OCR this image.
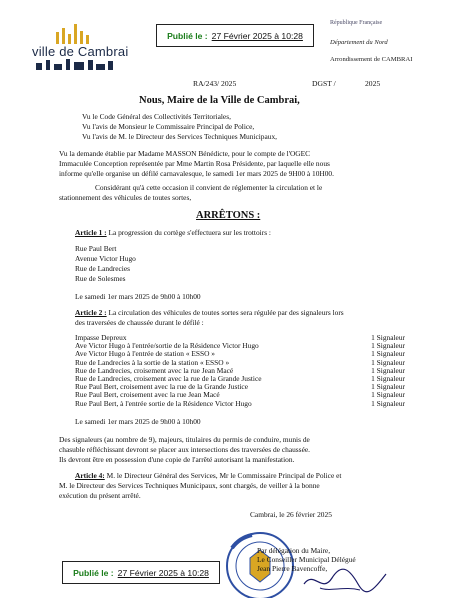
Publié le : 27 Février 2025 à 10:28
ville de Cambrai
République Française
Département du Nord
Arrondissement de CAMBRAI
RA/243/ 2025	DGST /	2025
Nous, Maire de la Ville de Cambrai,
Vu le Code Général des Collectivités Territoriales,
Vu l'avis de Monsieur le Commissaire Principal de Police,
Vu l'avis de M. le Directeur des Services Techniques Municipaux,
Vu la demande établie par Madame MASSON Bénédicte, pour le compte de l'OGEC
Immaculée Conception représentée par Mme Martin Rosa Présidente, par laquelle elle nous
informe qu'elle organise un défilé carnavalesque, le samedi 1er mars 2025 de 9H00 à 10H00.
Considérant qu'à cette occasion il convient de réglementer la circulation et le
stationnement des véhicules de toutes sortes,
ARRÊTONS :
Article 1 : La progression du cortège s'effectuera sur les trottoirs :
Rue Paul Bert
Avenue Victor Hugo
Rue de Landrecies
Rue de Solesmes
Le samedi 1er mars 2025 de 9h00 à 10h00
Article 2 : La circulation des véhicules de toutes sortes sera régulée par des signaleurs lors
des traversées de chaussée durant le défilé :
Impasse Depreux	1 Signaleur
Ave Victor Hugo à l'entrée/sortie de la Résidence Victor Hugo	1 Signaleur
Ave Victor Hugo à l'entrée de station « ESSO »	1 Signaleur
Rue de Landrecies à la sortie de la station « ESSO »	1 Signaleur
Rue de Landrecies, croisement avec la rue Jean Macé	1 Signaleur
Rue de Landrecies, croisement avec la rue de la Grande Justice	1 Signaleur
Rue Paul Bert, croisement avec la rue de la Grande Justice	1 Signaleur
Rue Paul Bert, croisement avec la rue Jean Macé	1 Signaleur
Rue Paul Bert, à l'entrée sortie de la Résidence Victor Hugo	1 Signaleur
Le samedi 1er mars 2025 de 9h00 à 10h00
Des signaleurs (au nombre de 9), majeurs, titulaires du permis de conduire, munis de
chasuble réfléchissant devront se placer aux intersections des traversées de chaussée.
Ils devront être en possession d'une copie de l'arrêté autorisant la manifestation.
Article 4: M. le Directeur Général des Services, Mr le Commissaire Principal de Police et
M. le Directeur des Services Techniques Municipaux, sont chargés, de veiller à la bonne
exécution du présent arrêté.
Cambrai, le 26 février 2025
Par délégation du Maire,
Le Conseiller Municipal Délégué
Jean Pierre Bavencoffe,
Publié le : 27 Février 2025 à 10:28
